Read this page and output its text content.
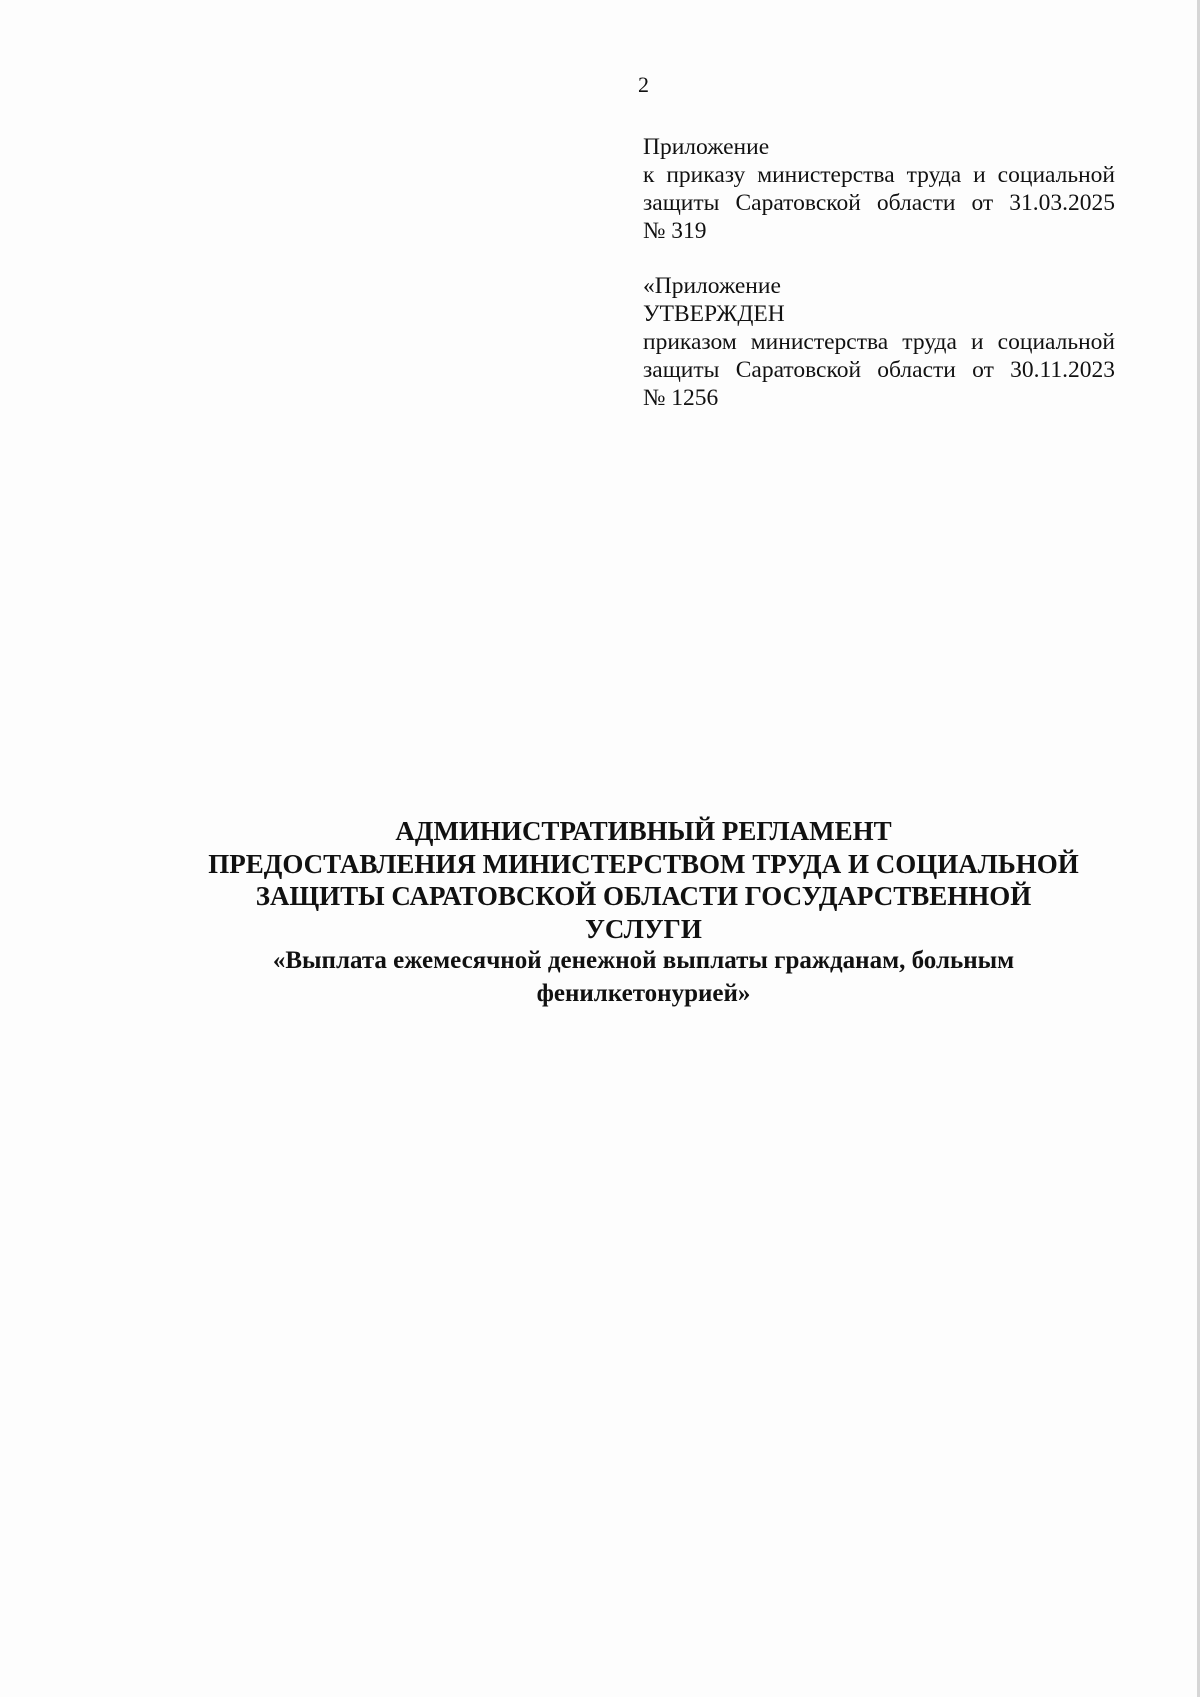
2
Приложение
к приказу министерства труда и социальной
защиты Саратовской области от 31.03.2025
№ 319
«Приложение
УТВЕРЖДЕН
приказом министерства труда и социальной
защиты Саратовской области от 30.11.2023
№ 1256
АДМИНИСТРАТИВНЫЙ РЕГЛАМЕНТ
ПРЕДОСТАВЛЕНИЯ МИНИСТЕРСТВОМ ТРУДА И СОЦИАЛЬНОЙ
ЗАЩИТЫ САРАТОВСКОЙ ОБЛАСТИ ГОСУДАРСТВЕННОЙ
УСЛУГИ
«Выплата ежемесячной денежной выплаты гражданам, больным
фенилкетонурией»
